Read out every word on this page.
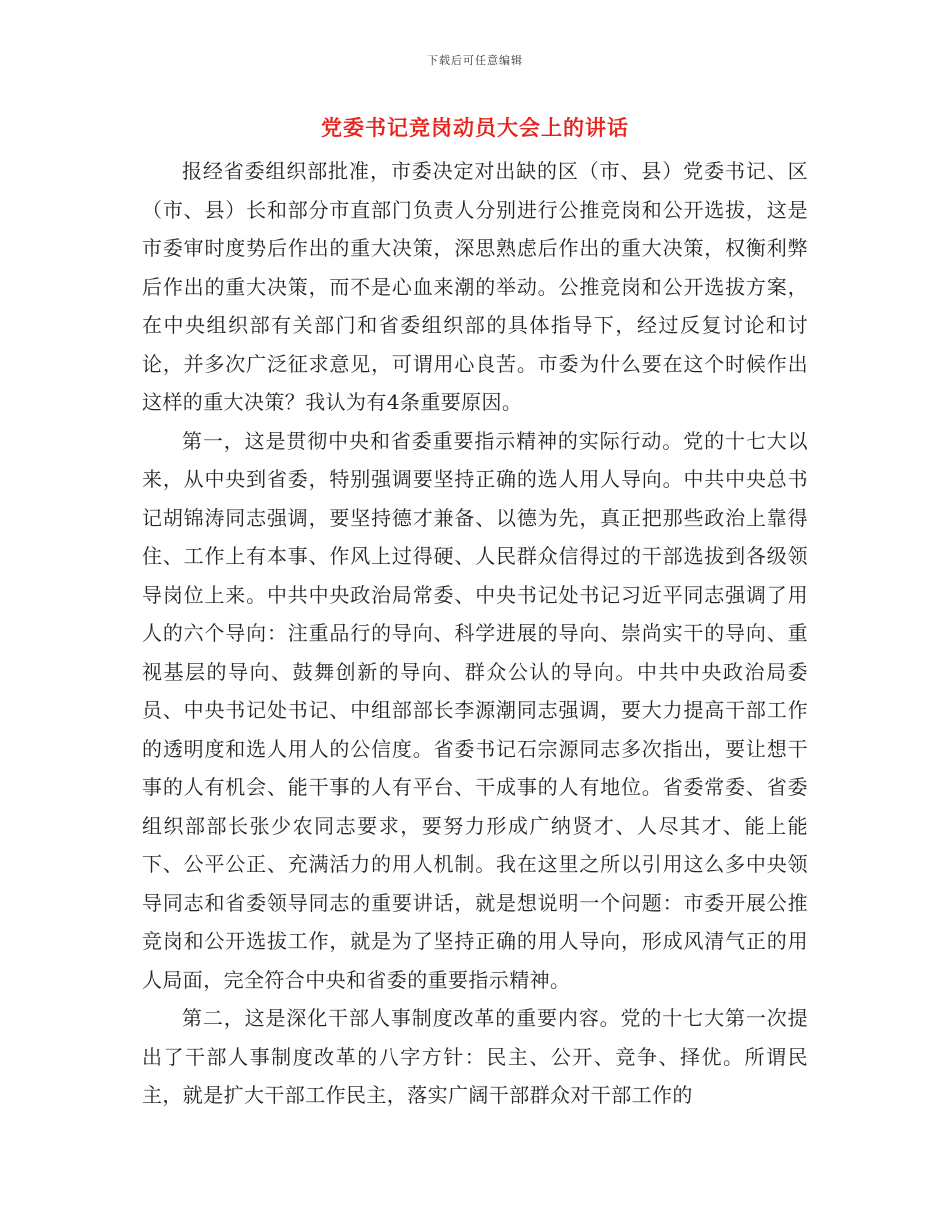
下载后可任意编辑
党委书记竞岗动员大会上的讲话

报经省委组织部批准，市委决定对出缺的区（市、县）党委书记、区（市、县）长和部分市直部门负责人分别进行公推竞岗和公开选拔，这是市委审时度势后作出的重大决策，深思熟虑后作出的重大决策，权衡利弊后作出的重大决策，而不是心血来潮的举动。公推竞岗和公开选拔方案，在中央组织部有关部门和省委组织部的具体指导下，经过反复讨论和讨论，并多次广泛征求意见，可谓用心良苦。市委为什么要在这个时候作出这样的重大决策？我认为有4条重要原因。

第一，这是贯彻中央和省委重要指示精神的实际行动。党的十七大以来，从中央到省委，特别强调要坚持正确的选人用人导向。中共中央总书记胡锦涛同志强调，要坚持德才兼备、以德为先，真正把那些政治上靠得住、工作上有本事、作风上过得硬、人民群众信得过的干部选拔到各级领导岗位上来。中共中央政治局常委、中央书记处书记习近平同志强调了用人的六个导向：注重品行的导向、科学进展的导向、崇尚实干的导向、重视基层的导向、鼓舞创新的导向、群众公认的导向。中共中央政治局委员、中央书记处书记、中组部部长李源潮同志强调，要大力提高干部工作的透明度和选人用人的公信度。省委书记石宗源同志多次指出，要让想干事的人有机会、能干事的人有平台、干成事的人有地位。省委常委、省委组织部部长张少农同志要求，要努力形成广纳贤才、人尽其才、能上能下、公平公正、充满活力的用人机制。我在这里之所以引用这么多中央领导同志和省委领导同志的重要讲话，就是想说明一个问题：市委开展公推竞岗和公开选拔工作，就是为了坚持正确的用人导向，形成风清气正的用人局面，完全符合中央和省委的重要指示精神。

第二，这是深化干部人事制度改革的重要内容。党的十七大第一次提出了干部人事制度改革的八字方针：民主、公开、竞争、择优。所谓民主，就是扩大干部工作民主，落实广阔干部群众对干部工作的
